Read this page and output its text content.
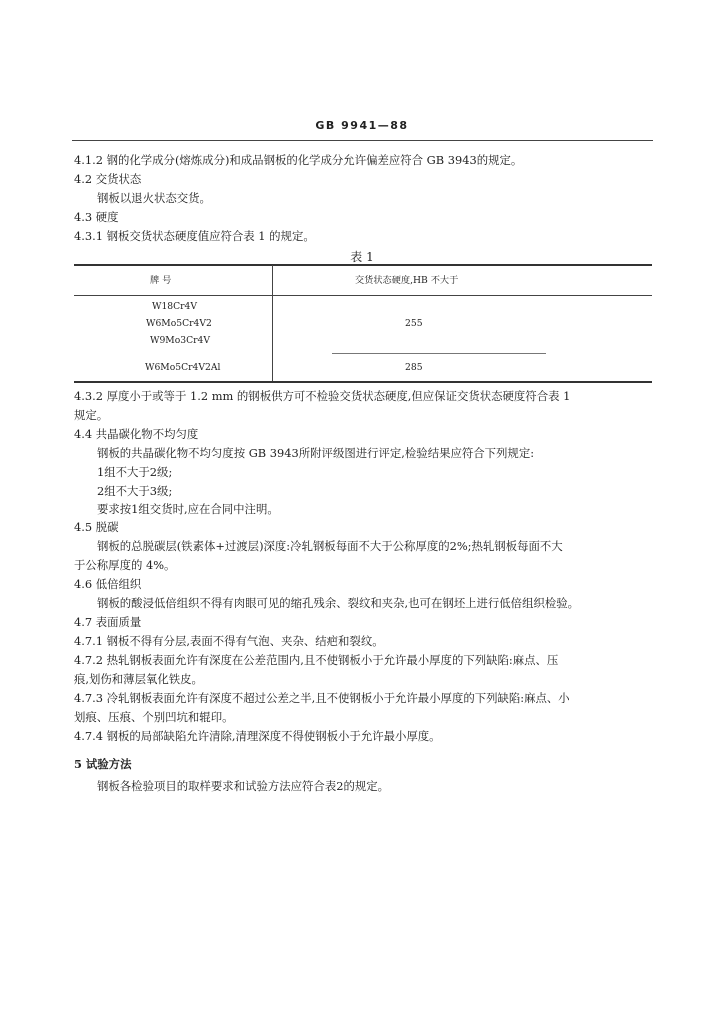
GB 9941—88
4.1.2 钢的化学成分(熔炼成分)和成品钢板的化学成分允许偏差应符合 GB 3943的规定。
4.2 交货状态
钢板以退火状态交货。
4.3 硬度
4.3.1 钢板交货状态硬度值应符合表 1 的规定。
表 1
牌 号	交货状态硬度,HB 不大于
W18Cr4V
W6Mo5Cr4V2
W9Mo3Cr4V
255
W6Mo5Cr4V2Al	285
4.3.2 厚度小于或等于 1.2 mm 的钢板供方可不检验交货状态硬度,但应保证交货状态硬度符合表 1
规定。
4.4 共晶碳化物不均匀度
钢板的共晶碳化物不均匀度按 GB 3943所附评级图进行评定,检验结果应符合下列规定:
1组不大于2级;
2组不大于3级;
要求按1组交货时,应在合同中注明。
4.5 脱碳
钢板的总脱碳层(铁素体+过渡层)深度:冷轧钢板每面不大于公称厚度的2%;热轧钢板每面不大
于公称厚度的 4%。
4.6 低倍组织
钢板的酸浸低倍组织不得有肉眼可见的缩孔残余、裂纹和夹杂,也可在钢坯上进行低倍组织检验。
4.7 表面质量
4.7.1 钢板不得有分层,表面不得有气泡、夹杂、结疤和裂纹。
4.7.2 热轧钢板表面允许有深度在公差范围内,且不使钢板小于允许最小厚度的下列缺陷:麻点、压
痕,划伤和薄层氧化铁皮。
4.7.3 冷轧钢板表面允许有深度不超过公差之半,且不使钢板小于允许最小厚度的下列缺陷:麻点、小
划痕、压痕、个别凹坑和辊印。
4.7.4 钢板的局部缺陷允许清除,清理深度不得使钢板小于允许最小厚度。
5 试验方法
钢板各检验项目的取样要求和试验方法应符合表2的规定。
